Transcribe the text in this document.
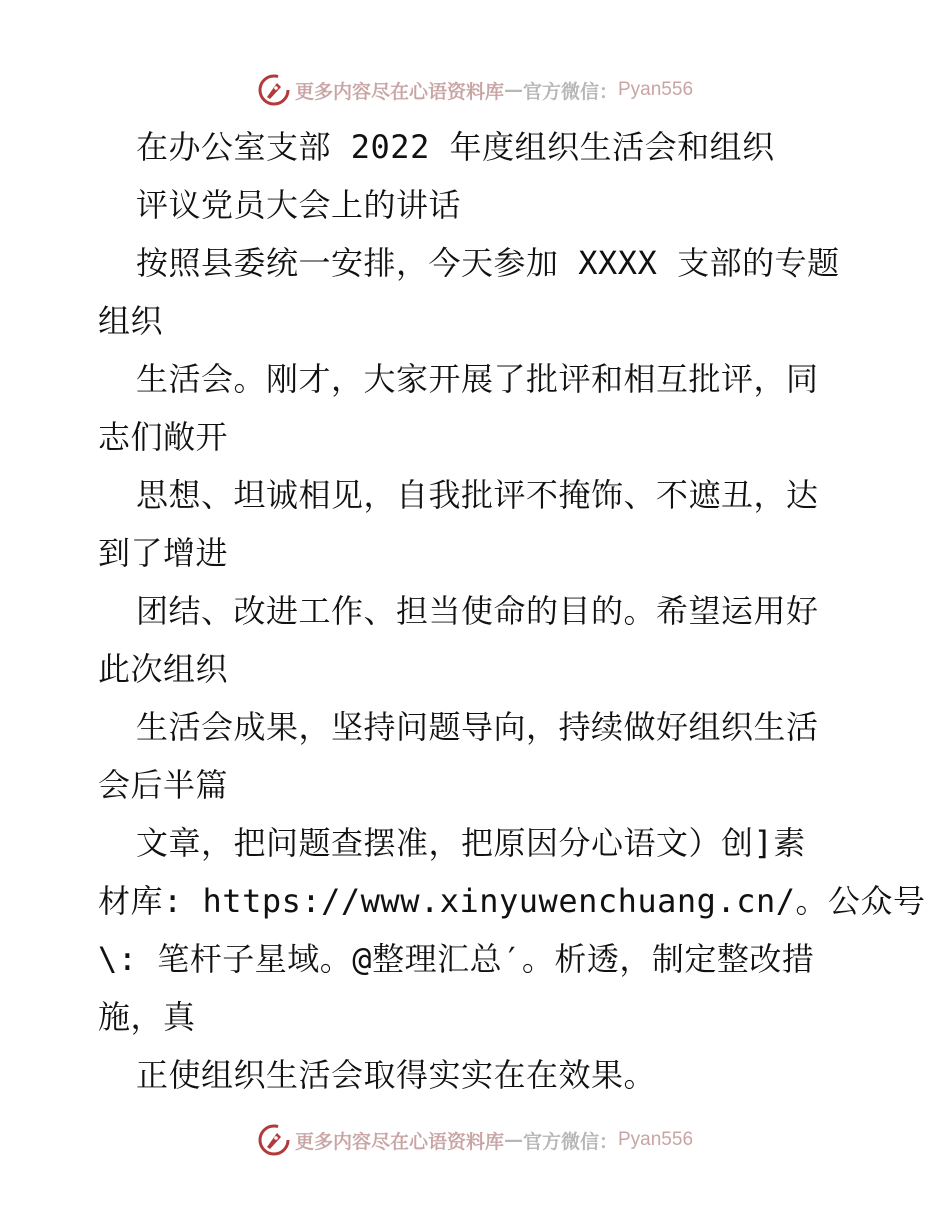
更多内容尽在心语资料库 — 官方微信： Pyan556
在办公室支部 2022 年度组织生活会和组织
评议党员大会上的讲话
按照县委统一安排，今天参加 XXXX 支部的专题
组织
生活会。刚才，大家开展了批评和相互批评，同
志们敞开
思想、坦诚相见，自我批评不掩饰、不遮丑，达
到了增进
团结、改进工作、担当使命的目的。希望运用好
此次组织
生活会成果，坚持问题导向，持续做好组织生活
会后半篇
文章，把问题查摆准，把原因分心语文）创]素
材库: https://www.xinyuwenchuang.cn/。公众号
\: 笔杆子星域。@整理汇总′。析透，制定整改措
施，真
正使组织生活会取得实实在在效果。
更多内容尽在心语资料库 — 官方微信： Pyan556
